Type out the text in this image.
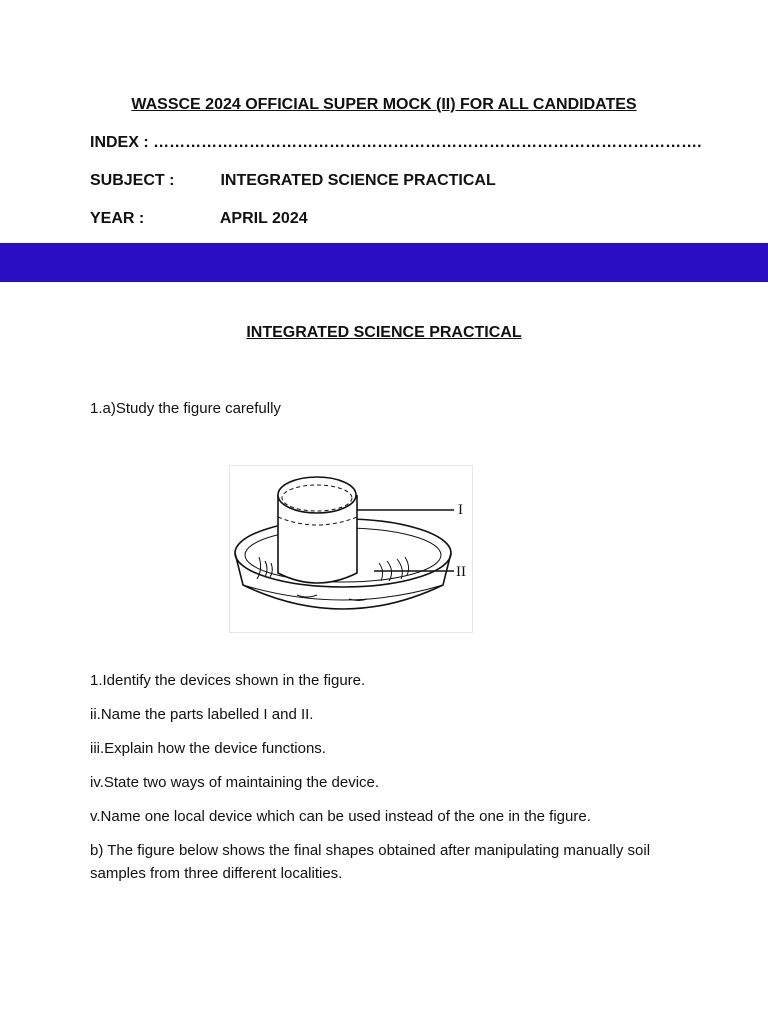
WASSCE 2024 OFFICIAL SUPER MOCK (II) FOR ALL CANDIDATES
INDEX : ………………………………………………………………………………………….
SUBJECT :	INTEGRATED SCIENCE PRACTICAL
YEAR :	APRIL 2024
INTEGRATED SCIENCE PRACTICAL
1.a)Study the figure carefully
I
II
1.Identify the devices shown in the figure.
ii.Name the parts labelled I and II.
iii.Explain how the device functions.
iv.State two ways of maintaining the device.
v.Name one local device which can be used instead of the one in the figure.
b) The figure below shows the final shapes obtained after manipulating manually soil samples from three different localities.
